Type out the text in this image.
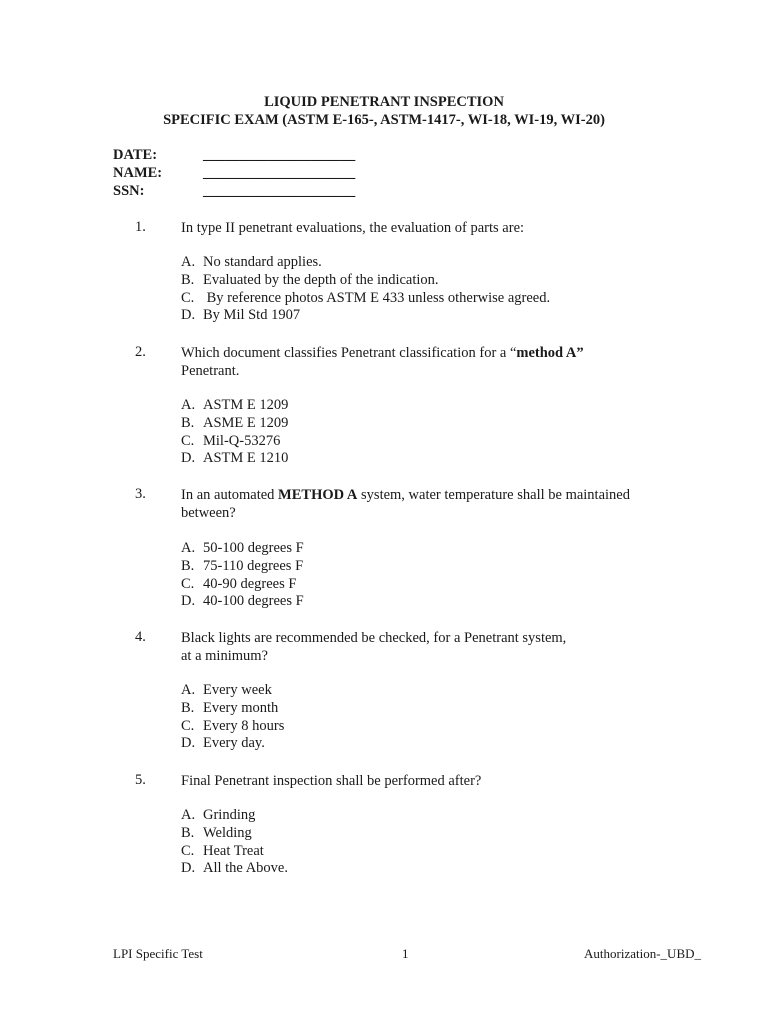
LIQUID PENETRANT INSPECTION
SPECIFIC EXAM (ASTM E-165-, ASTM-1417-, WI-18, WI-19, WI-20)
DATE:	_____________________
NAME:	_____________________
SSN:	_____________________
1. In type II penetrant evaluations, the evaluation of parts are:
A. No standard applies.
B. Evaluated by the depth of the indication.
C. By reference photos ASTM E 433 unless otherwise agreed.
D. By Mil Std 1907
2. Which document classifies Penetrant classification for a “method A”
Penetrant.
A. ASTM E 1209
B. ASME E 1209
C. Mil-Q-53276
D. ASTM E 1210
3. In an automated METHOD A system, water temperature shall be maintained
between?
A. 50-100 degrees F
B. 75-110 degrees F
C. 40-90 degrees F
D. 40-100 degrees F
4. Black lights are recommended be checked, for a Penetrant system,
at a minimum?
A. Every week
B. Every month
C. Every 8 hours
D. Every day.
5. Final Penetrant inspection shall be performed after?
A. Grinding
B. Welding
C. Heat Treat
D. All the Above.
LPI Specific Test	1	Authorization-_UBD_
